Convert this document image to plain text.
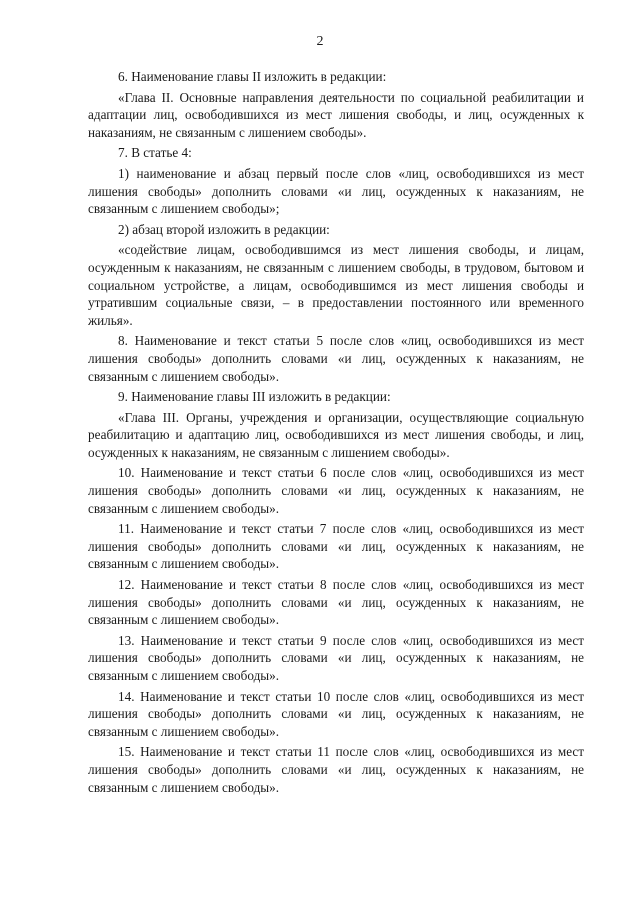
2

6. Наименование главы II изложить в редакции:

«Глава II. Основные направления деятельности по социальной реабилитации и адаптации лиц, освободившихся из мест лишения свободы, и лиц, осужденных к наказаниям, не связанным с лишением свободы».

7. В статье 4:

1) наименование и абзац первый после слов «лиц, освободившихся из мест лишения свободы» дополнить словами «и лиц, осужденных к наказаниям, не связанным с лишением свободы»;

2) абзац второй изложить в редакции:

«содействие лицам, освободившимся из мест лишения свободы, и лицам, осужденным к наказаниям, не связанным с лишением свободы, в трудовом, бытовом и социальном устройстве, а лицам, освободившимся из мест лишения свободы и утратившим социальные связи, – в предоставлении постоянного или временного жилья».

8. Наименование и текст статьи 5 после слов «лиц, освободившихся из мест лишения свободы» дополнить словами «и лиц, осужденных к наказаниям, не связанным с лишением свободы».

9. Наименование главы III изложить в редакции:

«Глава III. Органы, учреждения и организации, осуществляющие социальную реабилитацию и адаптацию лиц, освободившихся из мест лишения свободы, и лиц, осужденных к наказаниям, не связанным с лишением свободы».

10. Наименование и текст статьи 6 после слов «лиц, освободившихся из мест лишения свободы» дополнить словами «и лиц, осужденных к наказаниям, не связанным с лишением свободы».

11. Наименование и текст статьи 7 после слов «лиц, освободившихся из мест лишения свободы» дополнить словами «и лиц, осужденных к наказаниям, не связанным с лишением свободы».

12. Наименование и текст статьи 8 после слов «лиц, освободившихся из мест лишения свободы» дополнить словами «и лиц, осужденных к наказаниям, не связанным с лишением свободы».

13. Наименование и текст статьи 9 после слов «лиц, освободившихся из мест лишения свободы» дополнить словами «и лиц, осужденных к наказаниям, не связанным с лишением свободы».

14. Наименование и текст статьи 10 после слов «лиц, освободившихся из мест лишения свободы» дополнить словами «и лиц, осужденных к наказаниям, не связанным с лишением свободы».

15. Наименование и текст статьи 11 после слов «лиц, освободившихся из мест лишения свободы» дополнить словами «и лиц, осужденных к наказаниям, не связанным с лишением свободы».
